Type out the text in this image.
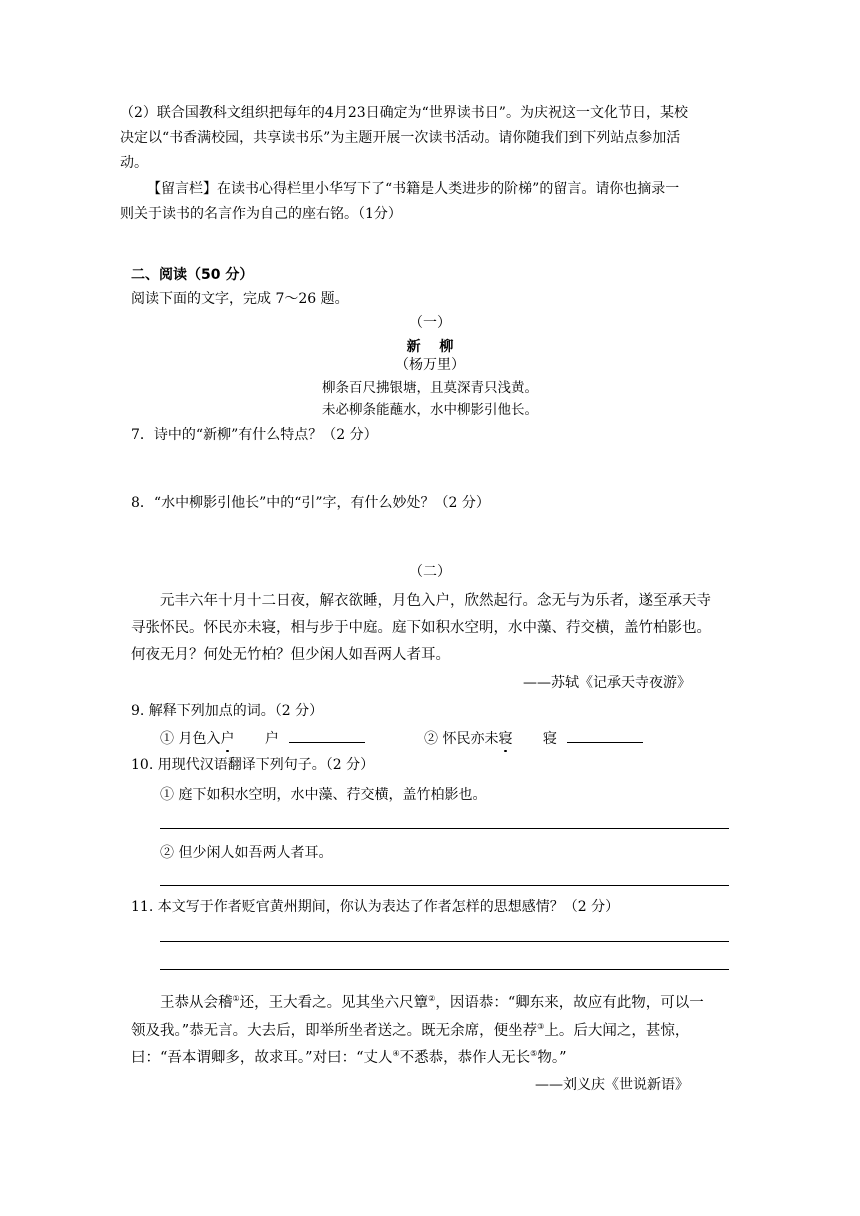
（2）联合国教科文组织把每年的4月23日确定为“世界读书日”。为庆祝这一文化节日，某校
决定以“书香满校园，共享读书乐”为主题开展一次读书活动。请你随我们到下列站点参加活
动。
【留言栏】在读书心得栏里小华写下了“书籍是人类进步的阶梯”的留言。请你也摘录一
则关于读书的名言作为自己的座右铭。（1分）
二、阅读（50 分）
阅读下面的文字，完成 7～26 题。
（一）
新　 柳
（杨万里）
柳条百尺拂银塘，且莫深青只浅黄。
未必柳条能蘸水，水中柳影引他长。
7．诗中的“新柳”有什么特点？（2 分）
8．“水中柳影引他长”中的“引”字，有什么妙处？（2 分）
（二）
元丰六年十月十二日夜，解衣欲睡，月色入户，欣然起行。念无与为乐者，遂至承天寺
寻张怀民。怀民亦未寝，相与步于中庭。庭下如积水空明，水中藻、荇交横，盖竹柏影也。
何夜无月？何处无竹柏？但少闲人如吾两人者耳。
——苏轼《记承天寺夜游》
9. 解释下列加点的词。（2 分）
① 月色入户 户	② 怀民亦未寝 寝
10. 用现代汉语翻译下列句子。（2 分）
① 庭下如积水空明，水中藻、荇交横，盖竹柏影也。
② 但少闲人如吾两人者耳。
11. 本文写于作者贬官黄州期间，你认为表达了作者怎样的思想感情？（2 分）
王恭从会稽①还，王大看之。见其坐六尺簟②，因语恭：“卿东来，故应有此物，可以一
领及我。”恭无言。大去后，即举所坐者送之。既无余席，便坐荐③上。后大闻之，甚惊，
曰：“吾本谓卿多，故求耳。”对曰：“丈人④不悉恭，恭作人无长⑤物。”
——刘义庆《世说新语》
